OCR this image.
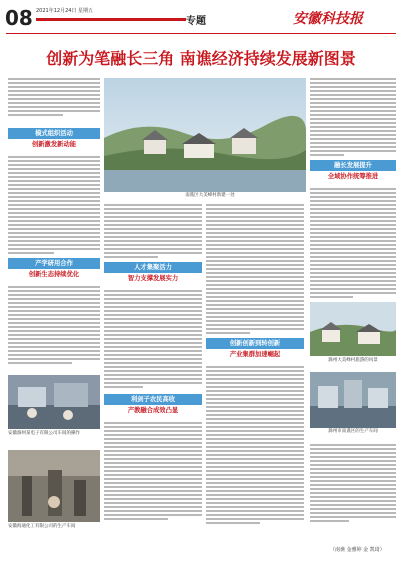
08 2021年12月24日 星期五
专题	安徽科技报
创新为笔融长三角 南谯经济持续发展新图景
模式组织活动
创新激发新动能
产学研用合作
创新生态持续优化
安徽滁州某电子有限公司车间的操作
安徽海通化工有限公司的生产车间
南谯区大美峰村新建一处
人才集聚活力
智力支撑发展实力
利剑子农民高收
产教融合成效凸显
创新创新到转创新
产业集群加速崛起
融长发展提升
全域协作统筹推进
滁州大美峰村旅游的风景
滁州市南谯区的生产车间
（南谯 金雅婷 金 凯琦）
